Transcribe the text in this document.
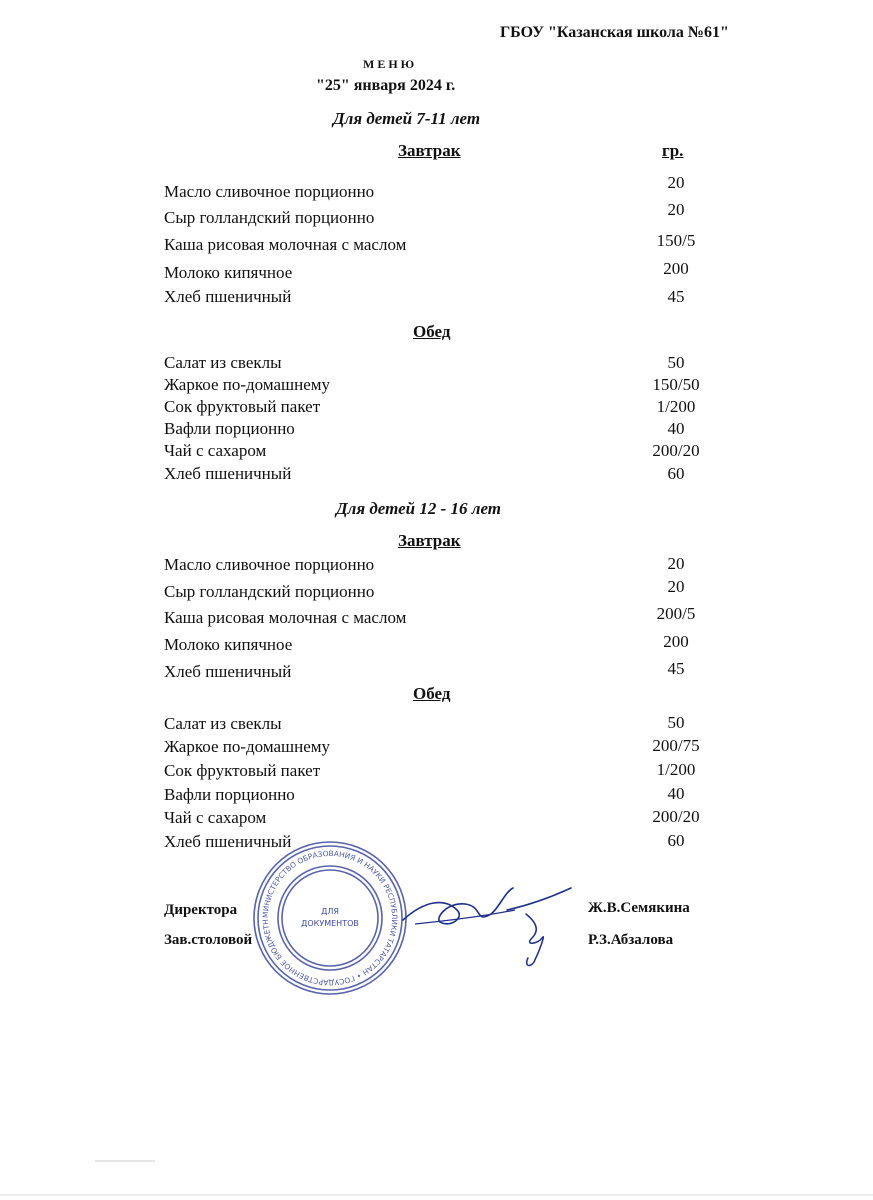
ГБОУ "Казанская школа №61"
МЕНЮ
"25" января 2024 г.
Для детей 7-11 лет
Завтрак	гр.
Масло сливочное порционно	20
Сыр голландский порционно	20
Каша рисовая молочная с маслом	150/5
Молоко кипячное	200
Хлеб пшеничный	45
Обед
Салат из свеклы	50
Жаркое по-домашнему	150/50
Сок фруктовый пакет	1/200
Вафли порционно	40
Чай с сахаром	200/20
Хлеб пшеничный	60
Для детей 12 - 16 лет
Завтрак
Масло сливочное порционно	20
Сыр голландский порционно	20
Каша рисовая молочная с маслом	200/5
Молоко кипячное	200
Хлеб пшеничный	45
Обед
Салат из свеклы	50
Жаркое по-домашнему	200/75
Сок фруктовый пакет	1/200
Вафли порционно	40
Чай с сахаром	200/20
Хлеб пшеничный	60
Директора	Ж.В.Семякина
Зав.столовой	Р.З.Абзалова
МИНИСТЕРСТВО ОБРАЗОВАНИЯ И НАУКИ РЕСПУБЛИКИ ТАТАРСТАН • ГОСУДАРСТВЕННОЕ БЮДЖЕТН
ДЛЯ
ДОКУМЕНТОВ
